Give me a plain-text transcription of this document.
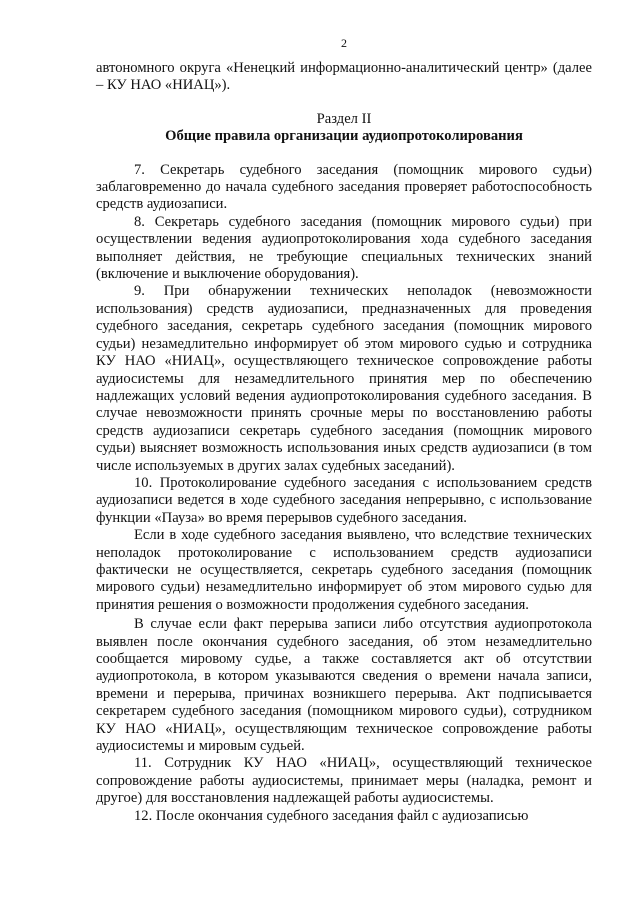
2

автономного округа «Ненецкий информационно-аналитический центр» (далее – КУ НАО «НИАЦ»).

Раздел II

Общие правила организации аудиопротоколирования

7. Секретарь судебного заседания (помощник мирового судьи) заблаговременно до начала судебного заседания проверяет работоспособность средств аудиозаписи.

8. Секретарь судебного заседания (помощник мирового судьи) при осуществлении ведения аудиопротоколирования хода судебного заседания выполняет действия, не требующие специальных технических знаний (включение и выключение оборудования).

9. При обнаружении технических неполадок (невозможности использования) средств аудиозаписи, предназначенных для проведения судебного заседания, секретарь судебного заседания (помощник мирового судьи) незамедлительно информирует об этом мирового судью и сотрудника КУ НАО «НИАЦ», осуществляющего техническое сопровождение работы аудиосистемы для незамедлительного принятия мер по обеспечению надлежащих условий ведения аудиопротоколирования судебного заседания. В случае невозможности принять срочные меры по восстановлению работы средств аудиозаписи секретарь судебного заседания (помощник мирового судьи) выясняет возможность использования иных средств аудиозаписи (в том числе используемых в других залах судебных заседаний).

10. Протоколирование судебного заседания с использованием средств аудиозаписи ведется в ходе судебного заседания непрерывно, с использование функции «Пауза» во время перерывов судебного заседания.

Если в ходе судебного заседания выявлено, что вследствие технических неполадок протоколирование с использованием средств аудиозаписи фактически не осуществляется, секретарь судебного заседания (помощник мирового судьи) незамедлительно информирует об этом мирового судью для принятия решения о возможности продолжения судебного заседания.

В случае если факт перерыва записи либо отсутствия аудиопротокола выявлен после окончания судебного заседания, об этом незамедлительно сообщается мировому судье, а также составляется акт об отсутствии аудиопротокола, в котором указываются сведения о времени начала записи, времени и перерыва, причинах возникшего перерыва. Акт подписывается секретарем судебного заседания (помощником мирового судьи), сотрудником КУ НАО «НИАЦ», осуществляющим техническое сопровождение работы аудиосистемы и мировым судьей.

11. Сотрудник КУ НАО «НИАЦ», осуществляющий техническое сопровождение работы аудиосистемы, принимает меры (наладка, ремонт и другое) для восстановления надлежащей работы аудиосистемы.

12. После окончания судебного заседания файл с аудиозаписью
